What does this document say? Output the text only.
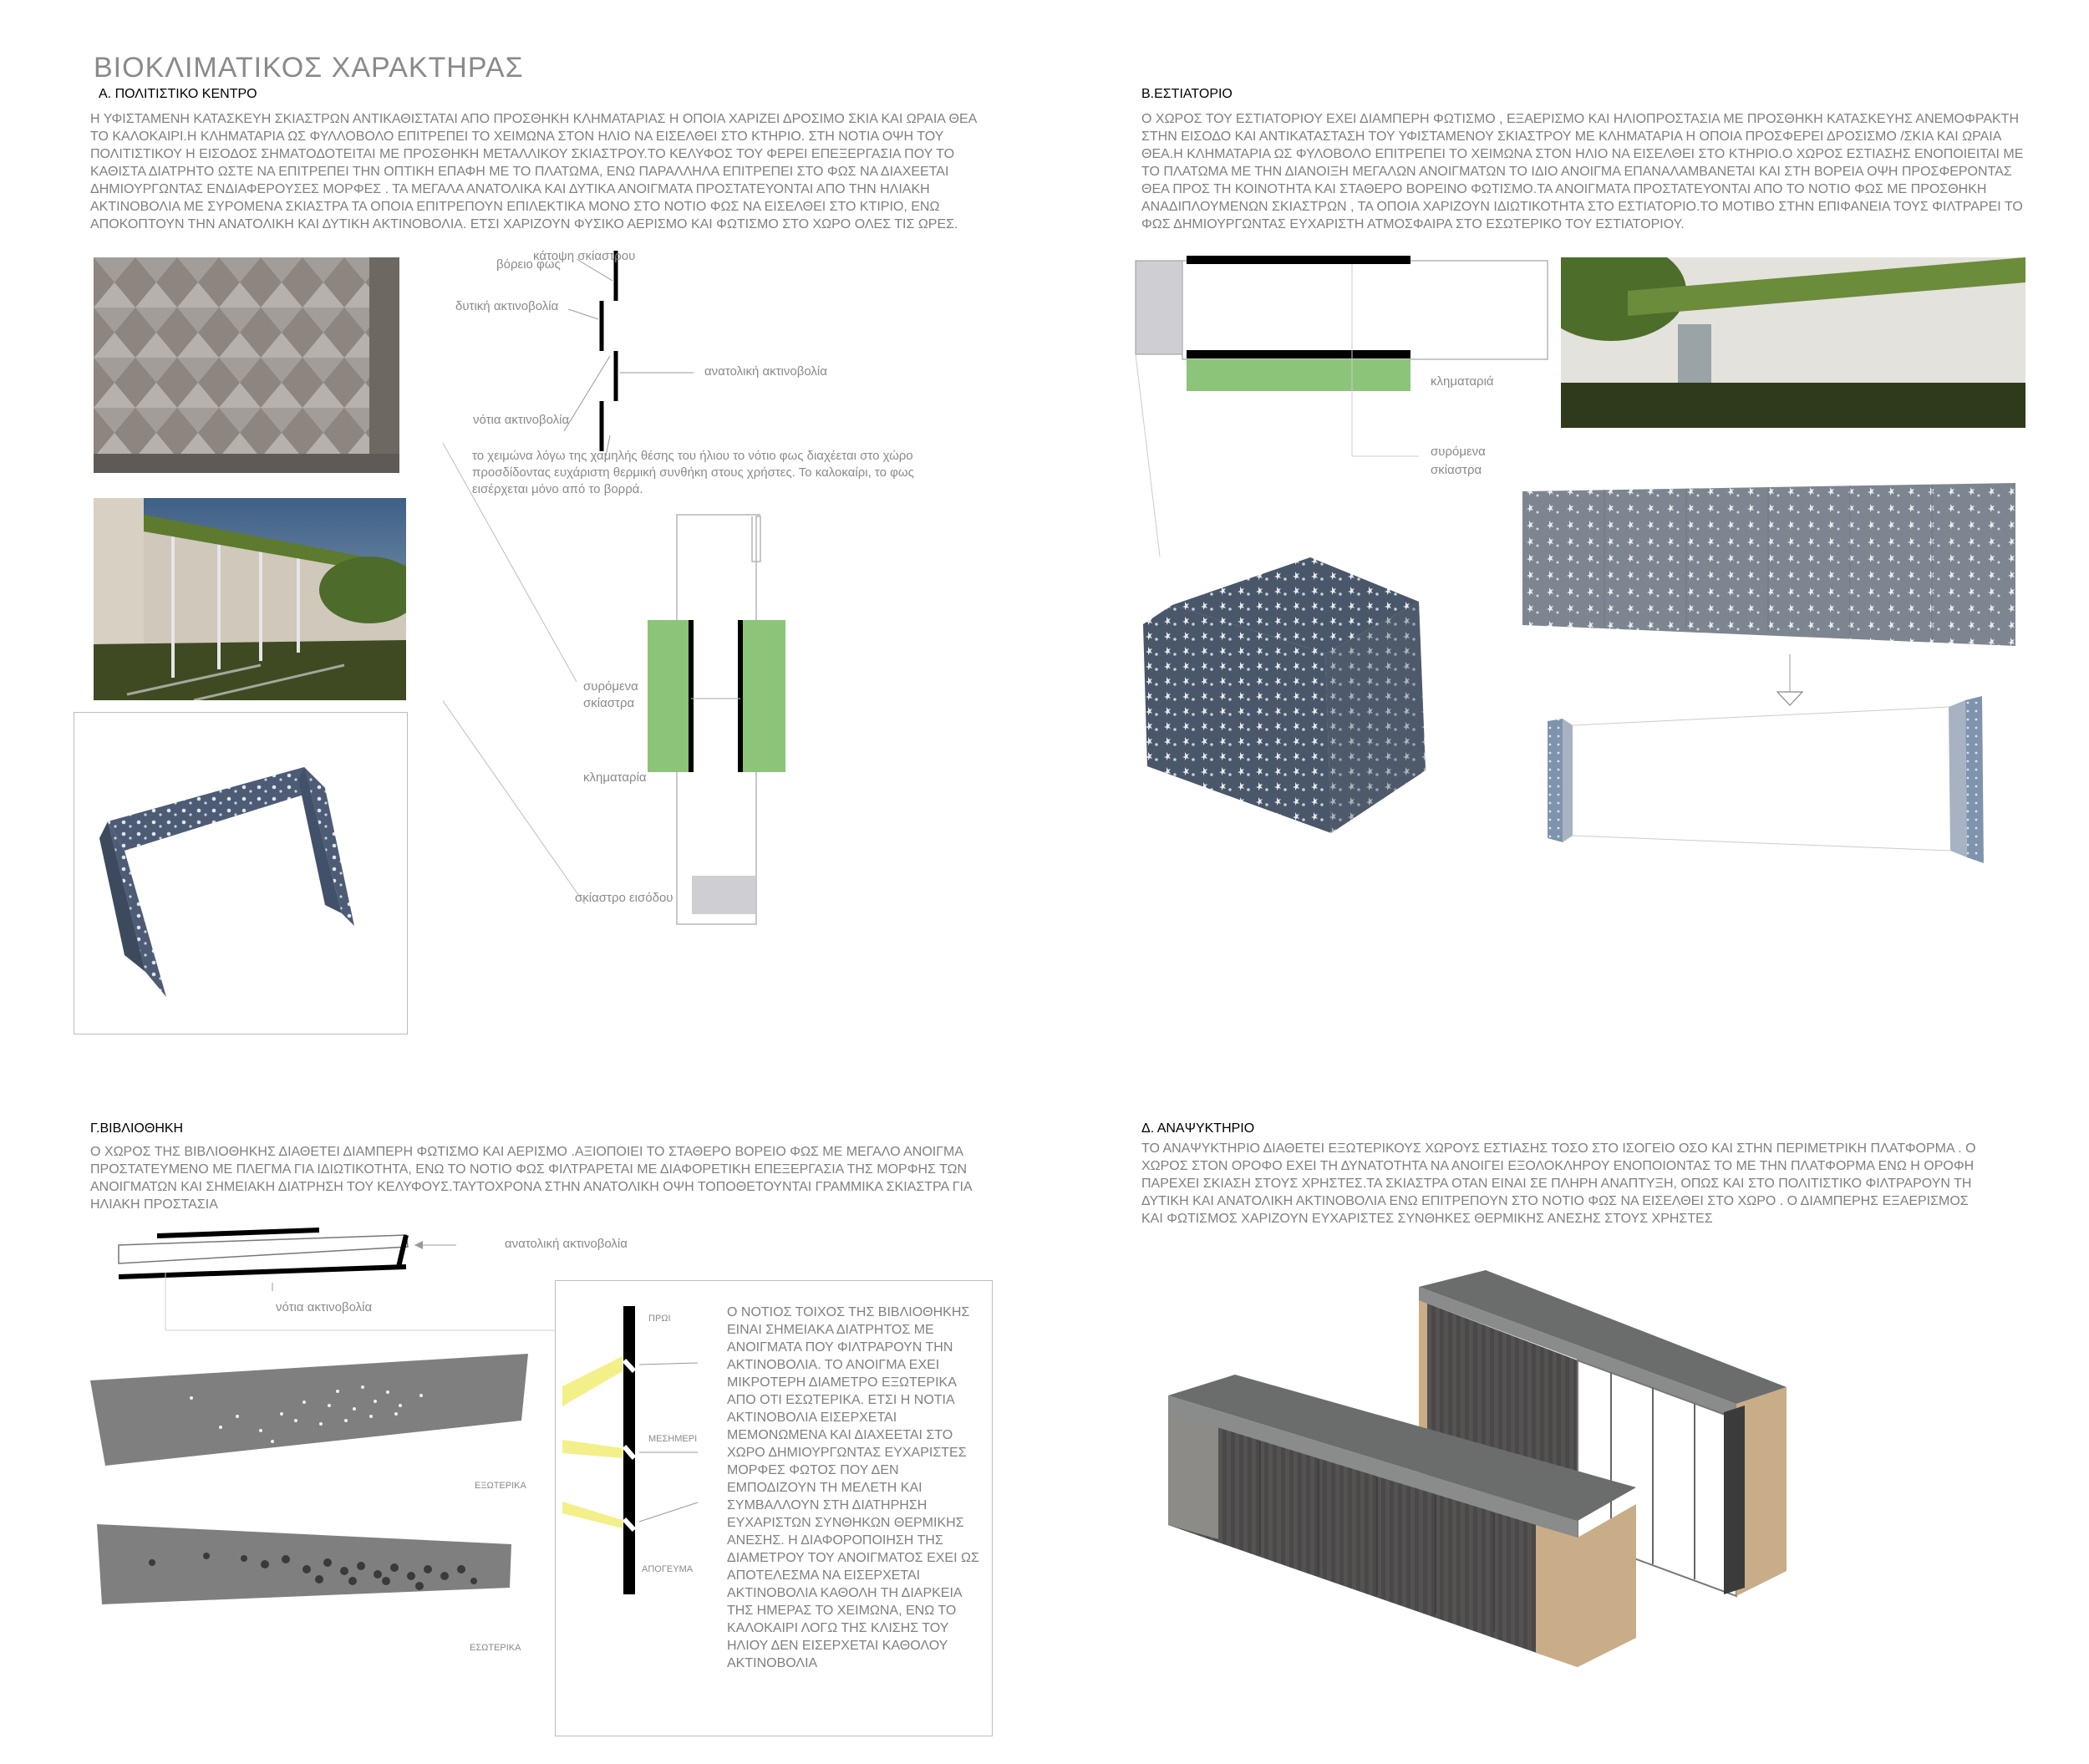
ΒΙΟΚΛΙΜΑΤΙΚΟΣ ΧΑΡΑΚΤΗΡΑΣ
Α. ΠΟΛΙΤΙΣΤΙΚΟ ΚΕΝΤΡΟ
Η ΥΦΙΣΤΑΜΕΝΗ ΚΑΤΑΣΚΕΥΗ ΣΚΙΑΣΤΡΩΝ ΑΝΤΙΚΑΘΙΣΤΑΤΑΙ ΑΠΟ ΠΡΟΣΘΗΚΗ ΚΛΗΜΑΤΑΡΙΑΣ Η ΟΠΟΙΑ ΧΑΡΙΖΕΙ ΔΡΟΣΙΜΟ ΣΚΙΑ ΚΑΙ ΩΡΑΙΑ ΘΕΑ ΤΟ ΚΑΛΟΚΑΙΡΙ.Η ΚΛΗΜΑΤΑΡΙΑ ΩΣ ΦΥΛΛΟΒΟΛΟ ΕΠΙΤΡΕΠΕΙ ΤΟ ΧΕΙΜΩΝΑ ΣΤΟΝ ΗΛΙΟ ΝΑ ΕΙΣΕΛΘΕΙ ΣΤΟ ΚΤΗΡΙΟ. ΣΤΗ ΝΟΤΙΑ ΟΨΗ ΤΟΥ ΠΟΛΙΤΙΣΤΙΚΟΥ Η ΕΙΣΟΔΟΣ ΣΗΜΑΤΟΔΟΤΕΙΤΑΙ ΜΕ ΠΡΟΣΘΗΚΗ ΜΕΤΑΛΛΙΚΟΥ ΣΚΙΑΣΤΡΟΥ.ΤΟ ΚΕΛΥΦΟΣ ΤΟΥ ΦΕΡΕΙ ΕΠΕΞΕΡΓΑΣΙΑ ΠΟΥ ΤΟ ΚΑΘΙΣΤΑ ΔΙΑΤΡΗΤΟ ΩΣΤΕ ΝΑ ΕΠΙΤΡΕΠΕΙ ΤΗΝ ΟΠΤΙΚΗ ΕΠΑΦΗ ΜΕ ΤΟ ΠΛΑΤΩΜΑ, ΕΝΩ ΠΑΡΑΛΛΗΛΑ ΕΠΙΤΡΕΠΕΙ ΣΤΟ ΦΩΣ ΝΑ ΔΙΑΧΕΕΤΑΙ ΔΗΜΙΟΥΡΓΩΝΤΑΣ ΕΝΔΙΑΦΕΡΟΥΣΕΣ ΜΟΡΦΕΣ . ΤΑ ΜΕΓΑΛΑ ΑΝΑΤΟΛΙΚΑ ΚΑΙ ΔΥΤΙΚΑ ΑΝΟΙΓΜΑΤΑ ΠΡΟΣΤΑΤΕΥΟΝΤΑΙ ΑΠΟ ΤΗΝ ΗΛΙΑΚΗ ΑΚΤΙΝΟΒΟΛΙΑ ΜΕ ΣΥΡΟΜΕΝΑ ΣΚΙΑΣΤΡΑ ΤΑ ΟΠΟΙΑ ΕΠΙΤΡΕΠΟΥΝ ΕΠΙΛΕΚΤΙΚΑ ΜΟΝΟ ΣΤΟ ΝΟΤΙΟ ΦΩΣ ΝΑ ΕΙΣΕΛΘΕΙ ΣΤΟ ΚΤΙΡΙΟ, ΕΝΩ ΑΠΟΚΟΠΤΟΥΝ ΤΗΝ ΑΝΑΤΟΛΙΚΗ ΚΑΙ ΔΥΤΙΚΗ ΑΚΤΙΝΟΒΟΛΙΑ. ΕΤΣΙ ΧΑΡΙΖΟΥΝ ΦΥΣΙΚΟ ΑΕΡΙΣΜΟ ΚΑΙ ΦΩΤΙΣΜΟ ΣΤΟ ΧΩΡΟ ΟΛΕΣ ΤΙΣ ΩΡΕΣ.
κάτοψη σκίαστρου
βόρειο φως
δυτική ακτινοβολία
ανατολική ακτινοβολία
νότια ακτινοβολία
το χειμώνα λόγω της χαμηλής θέσης του ήλιου το νότιο φως διαχέεται στο χώρο προσδίδοντας ευχάριστη θερμική συνθήκη στους χρήστες. Το καλοκαίρι, το φως εισέρχεται μόνο από το βορρά.
συρόμενα σκίαστρα
κληματαρία
σκίαστρο εισόδου
Β.ΕΣΤΙΑΤΟΡΙΟ
Ο ΧΩΡΟΣ ΤΟΥ ΕΣΤΙΑΤΟΡΙΟΥ ΕΧΕΙ ΔΙΑΜΠΕΡΗ ΦΩΤΙΣΜΟ , ΕΞΑΕΡΙΣΜΟ ΚΑΙ ΗΛΙΟΠΡΟΣΤΑΣΙΑ ΜΕ ΠΡΟΣΘΗΚΗ ΚΑΤΑΣΚΕΥΗΣ ΑΝΕΜΟΦΡΑΚΤΗ ΣΤΗΝ ΕΙΣΟΔΟ ΚΑΙ ΑΝΤΙΚΑΤΑΣΤΑΣΗ ΤΟΥ ΥΦΙΣΤΑΜΕΝΟΥ ΣΚΙΑΣΤΡΟΥ ΜΕ ΚΛΗΜΑΤΑΡΙΑ Η ΟΠΟΙΑ ΠΡΟΣΦΕΡΕΙ ΔΡΟΣΙΣΜΟ /ΣΚΙΑ ΚΑΙ ΩΡΑΙΑ ΘΕΑ.Η ΚΛΗΜΑΤΑΡΙΑ ΩΣ ΦΥΛΟΒΟΛΟ ΕΠΙΤΡΕΠΕΙ ΤΟ ΧΕΙΜΩΝΑ ΣΤΟΝ ΗΛΙΟ ΝΑ ΕΙΣΕΛΘΕΙ ΣΤΟ ΚΤΗΡΙΟ.Ο ΧΩΡΟΣ ΕΣΤΙΑΣΗΣ ΕΝΟΠΟΙΕΙΤΑΙ ΜΕ ΤΟ ΠΛΑΤΩΜΑ ΜΕ ΤΗΝ ΔΙΑΝΟΙΞΗ ΜΕΓΑΛΩΝ ΑΝΟΙΓΜΑΤΩΝ ΤΟ ΙΔΙΟ ΑΝΟΙΓΜΑ ΕΠΑΝΑΛΑΜΒΑΝΕΤΑΙ ΚΑΙ ΣΤΗ ΒΟΡΕΙΑ ΟΨΗ ΠΡΟΣΦΕΡΟΝΤΑΣ ΘΕΑ ΠΡΟΣ ΤΗ ΚΟΙΝΟΤΗΤΑ ΚΑΙ ΣΤΑΘΕΡΟ ΒΟΡΕΙΝΟ ΦΩΤΙΣΜΟ.ΤΑ ΑΝΟΙΓΜΑΤΑ ΠΡΟΣΤΑΤΕΥΟΝΤΑΙ ΑΠΟ ΤΟ ΝΟΤΙΟ ΦΩΣ ΜΕ ΠΡΟΣΘΗΚΗ ΑΝΑΔΙΠΛΟΥΜΕΝΩΝ ΣΚΙΑΣΤΡΩΝ , ΤΑ ΟΠΟΙΑ ΧΑΡΙΖΟΥΝ ΙΔΙΩΤΙΚΟΤΗΤΑ ΣΤΟ ΕΣΤΙΑΤΟΡΙΟ.ΤΟ ΜΟΤΙΒΟ ΣΤΗΝ ΕΠΙΦΑΝΕΙΑ ΤΟΥΣ ΦΙΛΤΡΑΡΕΙ ΤΟ ΦΩΣ ΔΗΜΙΟΥΡΓΩΝΤΑΣ ΕΥΧΑΡΙΣΤΗ ΑΤΜΟΣΦΑΙΡΑ ΣΤΟ ΕΣΩΤΕΡΙΚΟ ΤΟΥ ΕΣΤΙΑΤΟΡΙΟΥ.
κληματαριά
συρόμενα σκίαστρα
Γ.ΒΙΒΛΙΟΘΗΚΗ
Ο ΧΩΡΟΣ ΤΗΣ ΒΙΒΛΙΟΘΗΚΗΣ ΔΙΑΘΕΤΕΙ ΔΙΑΜΠΕΡΗ ΦΩΤΙΣΜΟ ΚΑΙ ΑΕΡΙΣΜΟ .ΑΞΙΟΠΟΙΕΙ ΤΟ ΣΤΑΘΕΡΟ ΒΟΡΕΙΟ ΦΩΣ ΜΕ ΜΕΓΑΛΟ ΑΝΟΙΓΜΑ ΠΡΟΣΤΑΤΕΥΜΕΝΟ ΜΕ ΠΛΕΓΜΑ ΓΙΑ ΙΔΙΩΤΙΚΟΤΗΤΑ, ΕΝΩ ΤΟ ΝΟΤΙΟ ΦΩΣ ΦΙΛΤΡΑΡΕΤΑΙ ΜΕ ΔΙΑΦΟΡΕΤΙΚΗ ΕΠΕΞΕΡΓΑΣΙΑ ΤΗΣ ΜΟΡΦΗΣ ΤΩΝ ΑΝΟΙΓΜΑΤΩΝ ΚΑΙ ΣΗΜΕΙΑΚΗ ΔΙΑΤΡΗΣΗ ΤΟΥ ΚΕΛΥΦΟΥΣ.ΤΑΥΤΟΧΡΟΝΑ ΣΤΗΝ ΑΝΑΤΟΛΙΚΗ ΟΨΗ ΤΟΠΟΘΕΤΟΥΝΤΑΙ ΓΡΑΜΜΙΚΑ ΣΚΙΑΣΤΡΑ ΓΙΑ ΗΛΙΑΚΗ ΠΡΟΣΤΑΣΙΑ
ανατολική ακτινοβολία
νότια ακτινοβολία
ΕΞΩΤΕΡΙΚΑ
ΕΣΩΤΕΡΙΚΑ
ΠΡΩΙ
ΜΕΣΗΜΕΡΙ
ΑΠΟΓΕΥΜΑ
Ο ΝΟΤΙΟΣ ΤΟΙΧΟΣ ΤΗΣ ΒΙΒΛΙΟΘΗΚΗΣ ΕΙΝΑΙ ΣΗΜΕΙΑΚΑ ΔΙΑΤΡΗΤΟΣ ΜΕ ΑΝΟΙΓΜΑΤΑ ΠΟΥ ΦΙΛΤΡΑΡΟΥΝ ΤΗΝ ΑΚΤΙΝΟΒΟΛΙΑ. ΤΟ ΑΝΟΙΓΜΑ ΕΧΕΙ ΜΙΚΡΟΤΕΡΗ ΔΙΑΜΕΤΡΟ ΕΞΩΤΕΡΙΚΑ ΑΠΟ ΟΤΙ ΕΣΩΤΕΡΙΚΑ. ΕΤΣΙ Η ΝΟΤΙΑ ΑΚΤΙΝΟΒΟΛΙΑ ΕΙΣΕΡΧΕΤΑΙ ΜΕΜΟΝΩΜΕΝΑ ΚΑΙ ΔΙΑΧΕΕΤΑΙ ΣΤΟ ΧΩΡΟ ΔΗΜΙΟΥΡΓΩΝΤΑΣ ΕΥΧΑΡΙΣΤΕΣ ΜΟΡΦΕΣ ΦΩΤΟΣ ΠΟΥ ΔΕΝ ΕΜΠΟΔΙΖΟΥΝ ΤΗ ΜΕΛΕΤΗ ΚΑΙ ΣΥΜΒΑΛΛΟΥΝ ΣΤΗ ΔΙΑΤΗΡΗΣΗ ΕΥΧΑΡΙΣΤΩΝ ΣΥΝΘΗΚΩΝ ΘΕΡΜΙΚΗΣ ΑΝΕΣΗΣ. Η ΔΙΑΦΟΡΟΠΟΙΗΣΗ ΤΗΣ ΔΙΑΜΕΤΡΟΥ ΤΟΥ ΑΝΟΙΓΜΑΤΟΣ ΕΧΕΙ ΩΣ ΑΠΟΤΕΛΕΣΜΑ ΝΑ ΕΙΣΕΡΧΕΤΑΙ ΑΚΤΙΝΟΒΟΛΙΑ ΚΑΘΟΛΗ ΤΗ ΔΙΑΡΚΕΙΑ ΤΗΣ ΗΜΕΡΑΣ ΤΟ ΧΕΙΜΩΝΑ, ΕΝΩ ΤΟ ΚΑΛΟΚΑΙΡΙ ΛΟΓΩ ΤΗΣ ΚΛΙΣΗΣ ΤΟΥ ΗΛΙΟΥ ΔΕΝ ΕΙΣΕΡΧΕΤΑΙ ΚΑΘΟΛΟΥ ΑΚΤΙΝΟΒΟΛΙΑ
Δ. ΑΝΑΨΥΚΤΗΡΙΟ
ΤΟ ΑΝΑΨΥΚΤΗΡΙΟ ΔΙΑΘΕΤΕΙ ΕΞΩΤΕΡΙΚΟΥΣ ΧΩΡΟΥΣ ΕΣΤΙΑΣΗΣ ΤΟΣΟ ΣΤΟ ΙΣΟΓΕΙΟ ΟΣΟ ΚΑΙ ΣΤΗΝ ΠΕΡΙΜΕΤΡΙΚΗ ΠΛΑΤΦΟΡΜΑ . Ο ΧΩΡΟΣ ΣΤΟΝ ΟΡΟΦΟ ΕΧΕΙ ΤΗ ΔΥΝΑΤΟΤΗΤΑ ΝΑ ΑΝΟΙΓΕΙ ΕΞΟΛΟΚΛΗΡΟΥ ΕΝΟΠΟΙΟΝΤΑΣ ΤΟ ΜΕ ΤΗΝ ΠΛΑΤΦΟΡΜΑ ΕΝΩ Η ΟΡΟΦΗ ΠΑΡΕΧΕΙ ΣΚΙΑΣΗ ΣΤΟΥΣ ΧΡΗΣΤΕΣ.ΤΑ ΣΚΙΑΣΤΡΑ ΟΤΑΝ ΕΙΝΑΙ ΣΕ ΠΛΗΡΗ ΑΝΑΠΤΥΞΗ, ΟΠΩΣ ΚΑΙ ΣΤΟ ΠΟΛΙΤΙΣΤΙΚΟ ΦΙΛΤΡΑΡΟΥΝ ΤΗ ΔΥΤΙΚΗ ΚΑΙ ΑΝΑΤΟΛΙΚΗ ΑΚΤΙΝΟΒΟΛΙΑ ΕΝΩ ΕΠΙΤΡΕΠΟΥΝ ΣΤΟ ΝΟΤΙΟ ΦΩΣ ΝΑ ΕΙΣΕΛΘΕΙ ΣΤΟ ΧΩΡΟ . Ο ΔΙΑΜΠΕΡΗΣ ΕΞΑΕΡΙΣΜΟΣ ΚΑΙ ΦΩΤΙΣΜΟΣ ΧΑΡΙΖΟΥΝ ΕΥΧΑΡΙΣΤΕΣ ΣΥΝΘΗΚΕΣ ΘΕΡΜΙΚΗΣ ΑΝΕΣΗΣ ΣΤΟΥΣ ΧΡΗΣΤΕΣ
